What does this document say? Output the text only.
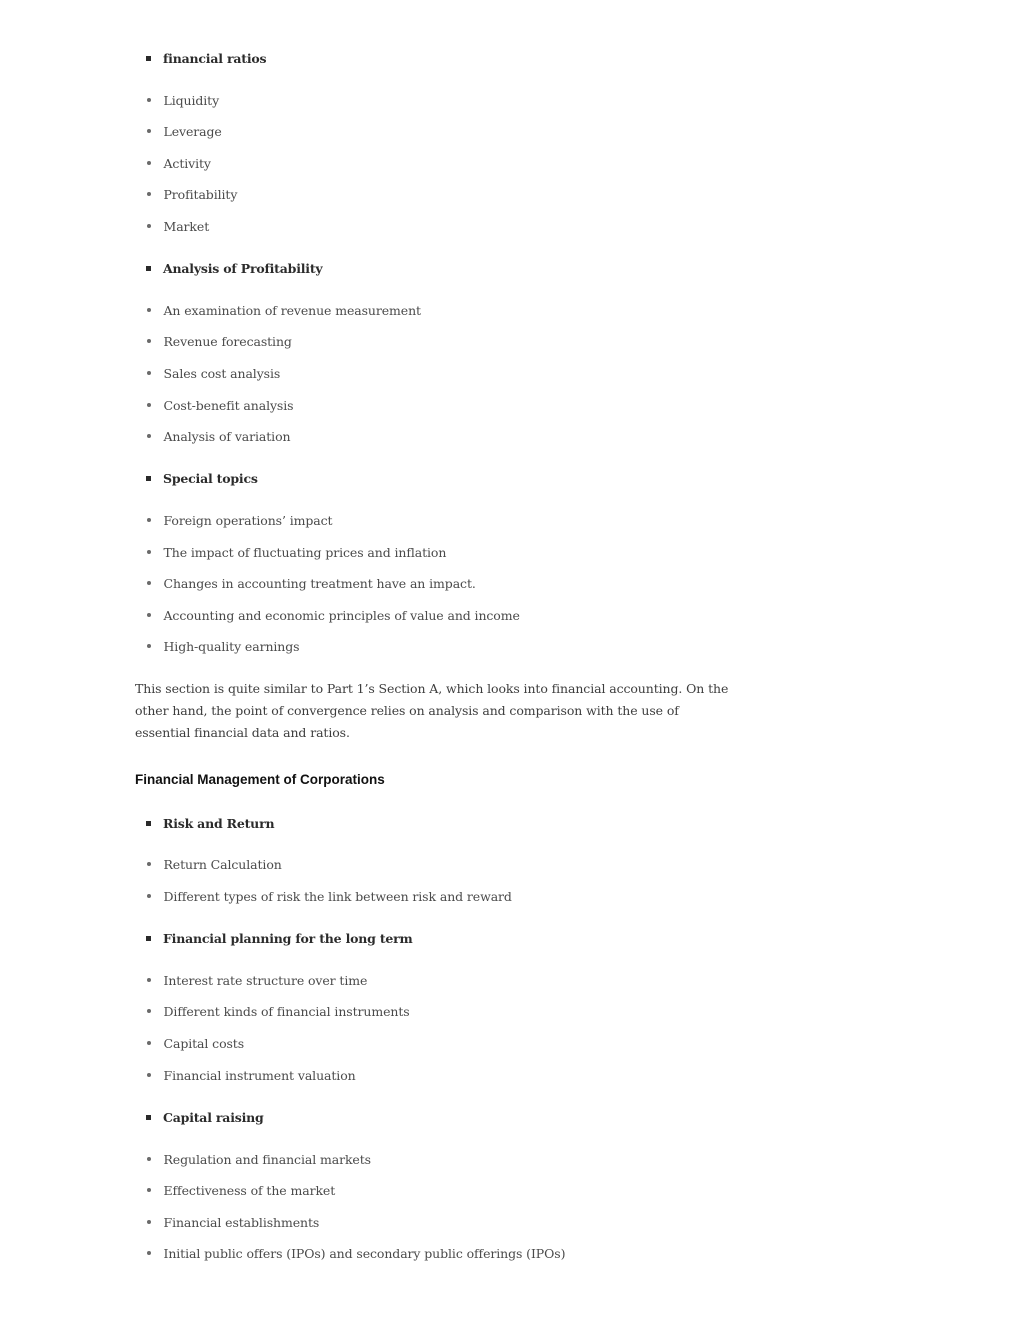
financial ratios
Liquidity
Leverage
Activity
Profitability
Market
Analysis of Profitability
An examination of revenue measurement
Revenue forecasting
Sales cost analysis
Cost-benefit analysis
Analysis of variation
Special topics
Foreign operations’ impact
The impact of fluctuating prices and inflation
Changes in accounting treatment have an impact.
Accounting and economic principles of value and income
High-quality earnings
This section is quite similar to Part 1’s Section A, which looks into financial accounting. On the
other hand, the point of convergence relies on analysis and comparison with the use of
essential financial data and ratios.
Financial Management of Corporations
Risk and Return
Return Calculation
Different types of risk the link between risk and reward
Financial planning for the long term
Interest rate structure over time
Different kinds of financial instruments
Capital costs
Financial instrument valuation
Capital raising
Regulation and financial markets
Effectiveness of the market
Financial establishments
Initial public offers (IPOs) and secondary public offerings (IPOs)
